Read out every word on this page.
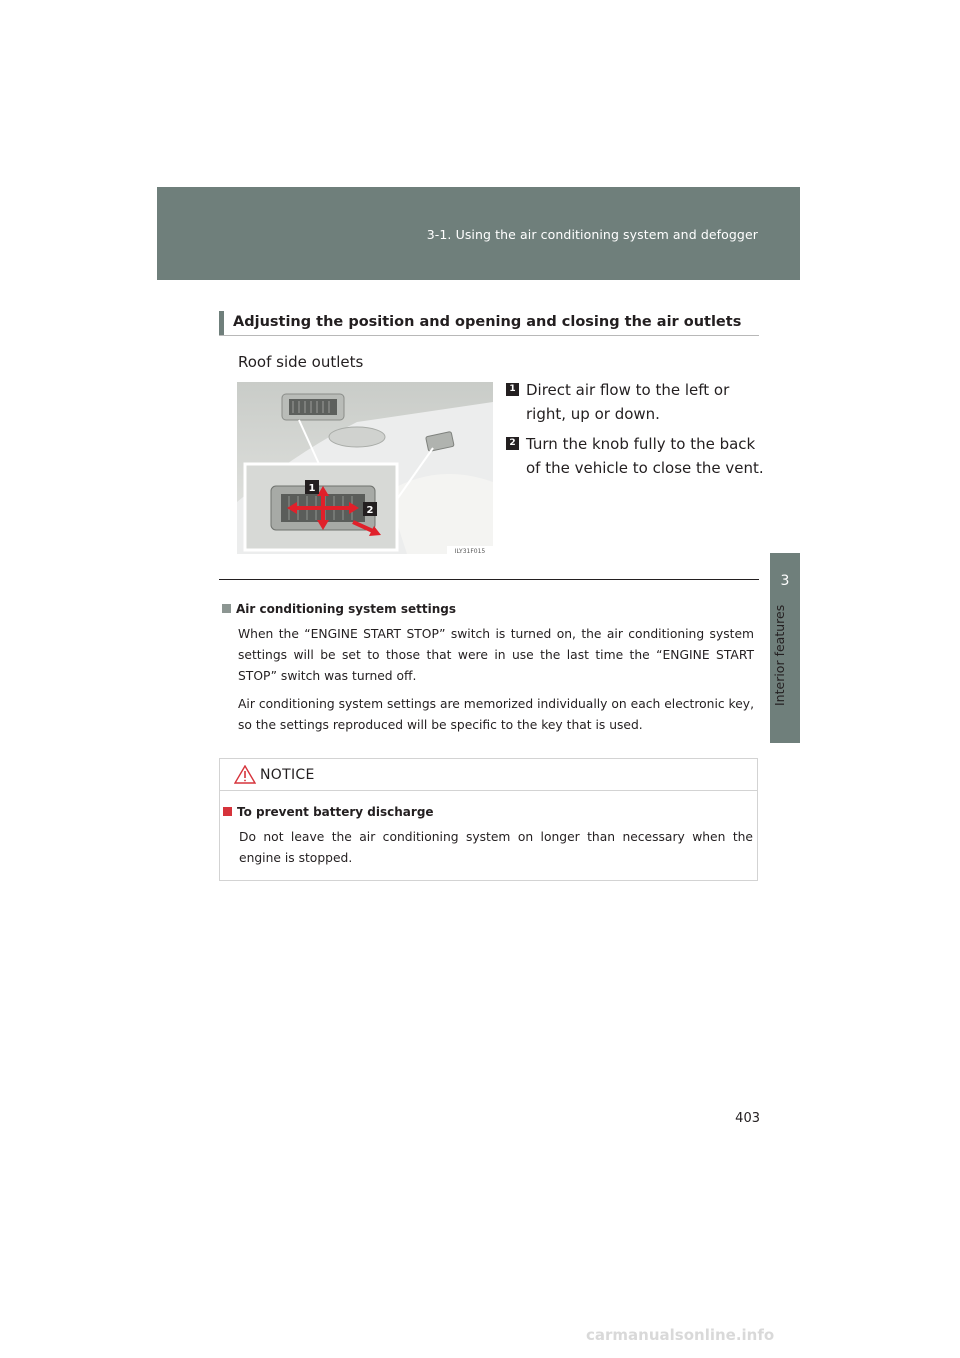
3-1. Using the air conditioning system and defogger
3
Interior features
Adjusting the position and opening and closing the air outlets
Roof side outlets
1
2
ILY31F015
1 Direct air flow to the left or right, up or down.
2 Turn the knob fully to the back of the vehicle to close the vent.
Air conditioning system settings

When the “ENGINE START STOP” switch is turned on, the air conditioning system settings will be set to those that were in use the last time the “ENGINE START STOP” switch was turned off.

Air conditioning system settings are memorized individually on each electronic key, so the settings reproduced will be specific to the key that is used.

NOTICE
To prevent battery discharge

Do not leave the air conditioning system on longer than necessary when the engine is stopped.

403
carmanualsonline.info
